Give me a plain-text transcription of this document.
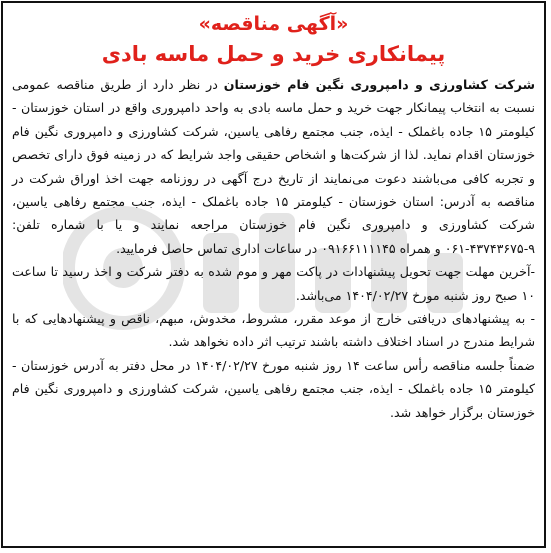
«آگهی مناقصه»
پیمانکاری خرید و حمل ماسه بادی

شرکت کشاورزی و دامپروری نگین فام خوزستان در نظر دارد از طریق مناقصه عمومی نسبت به انتخاب پیمانکار جهت خرید و حمل ماسه بادی به واحد دامپروری واقع در استان خوزستان - کیلومتر ۱۵ جاده باغملک - ایذه، جنب مجتمع رفاهی یاسین، شرکت کشاورزی و دامپروری نگین فام خوزستان اقدام نماید. لذا از شرکت‌ها و اشخاص حقیقی واجد شرایط که در زمینه فوق دارای تخصص و تجربه کافی می‌باشند دعوت می‌نمایند از تاریخ درج آگهی در روزنامه جهت اخذ اوراق شرکت در مناقصه به آدرس: استان خوزستان - کیلومتر ۱۵ جاده باغملک - ایذه، جنب مجتمع رفاهی یاسین، شرکت کشاورزی و دامپروری نگین فام خوزستان مراجعه نمایند و یا با شماره تلفن: ۹-۴۳۷۴۳۶۷۵-۰۶۱ و همراه ۰۹۱۶۶۱۱۱۱۴۵ در ساعات اداری تماس حاصل فرمایید.

-آخرین مهلت جهت تحویل پیشنهادات در پاکت مهر و موم شده به دفتر شرکت و اخذ رسید تا ساعت ۱۰ صبح روز شنبه مورخ ۱۴۰۴/۰۲/۲۷ می‌باشد.

- به پیشنهادهای دریافتی خارج از موعد مقرر، مشروط، مخدوش، مبهم، ناقص و پیشنهادهایی که با شرایط مندرج در اسناد اختلاف داشته باشند ترتیب اثر داده نخواهد شد.

ضمناً جلسه مناقصه رأس ساعت ۱۴ روز شنبه مورخ ۱۴۰۴/۰۲/۲۷ در محل دفتر به آدرس خوزستان - کیلومتر ۱۵ جاده باغملک - ایذه، جنب مجتمع رفاهی یاسین، شرکت کشاورزی و دامپروری نگین فام خوزستان برگزار خواهد شد.
